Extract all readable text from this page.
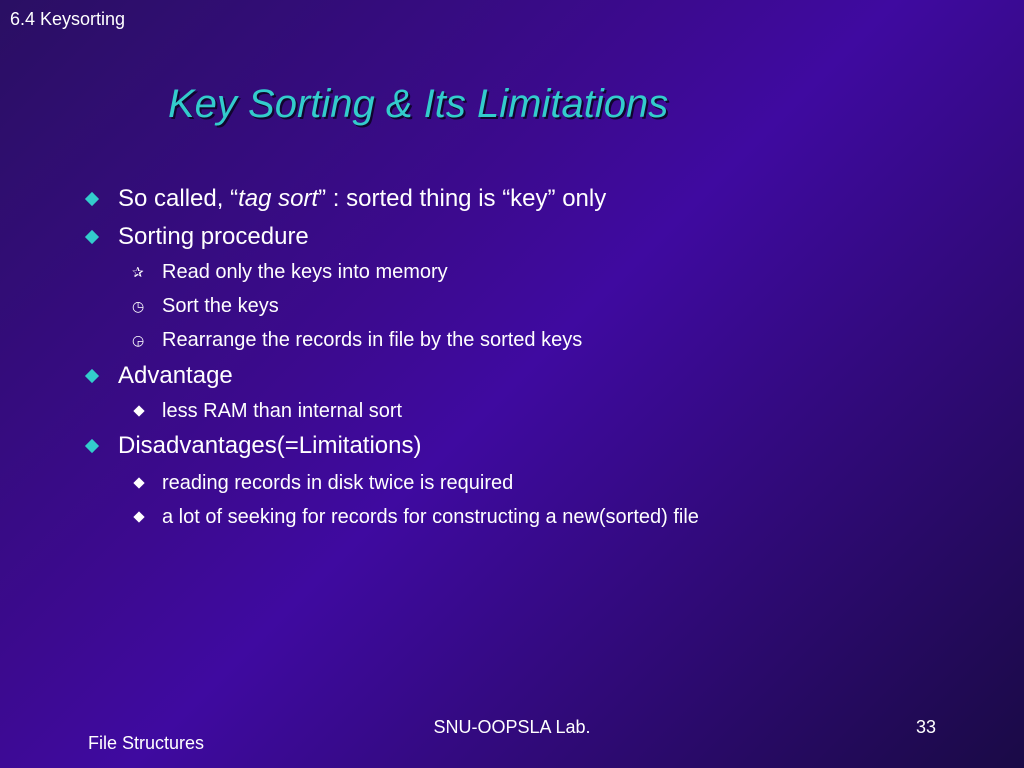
6.4 Keysorting
Key Sorting & Its Limitations
So called, “tag sort” : sorted thing is “key” only
Sorting procedure
✰ Read only the keys into memory
◷ Sort the keys
◶ Rearrange the records in file by the sorted keys
Advantage
less RAM than internal sort
Disadvantages(=Limitations)
reading records in disk twice is required
a lot of seeking for records for constructing a new(sorted) file
SNU-OOPSLA Lab.	33
File Structures
